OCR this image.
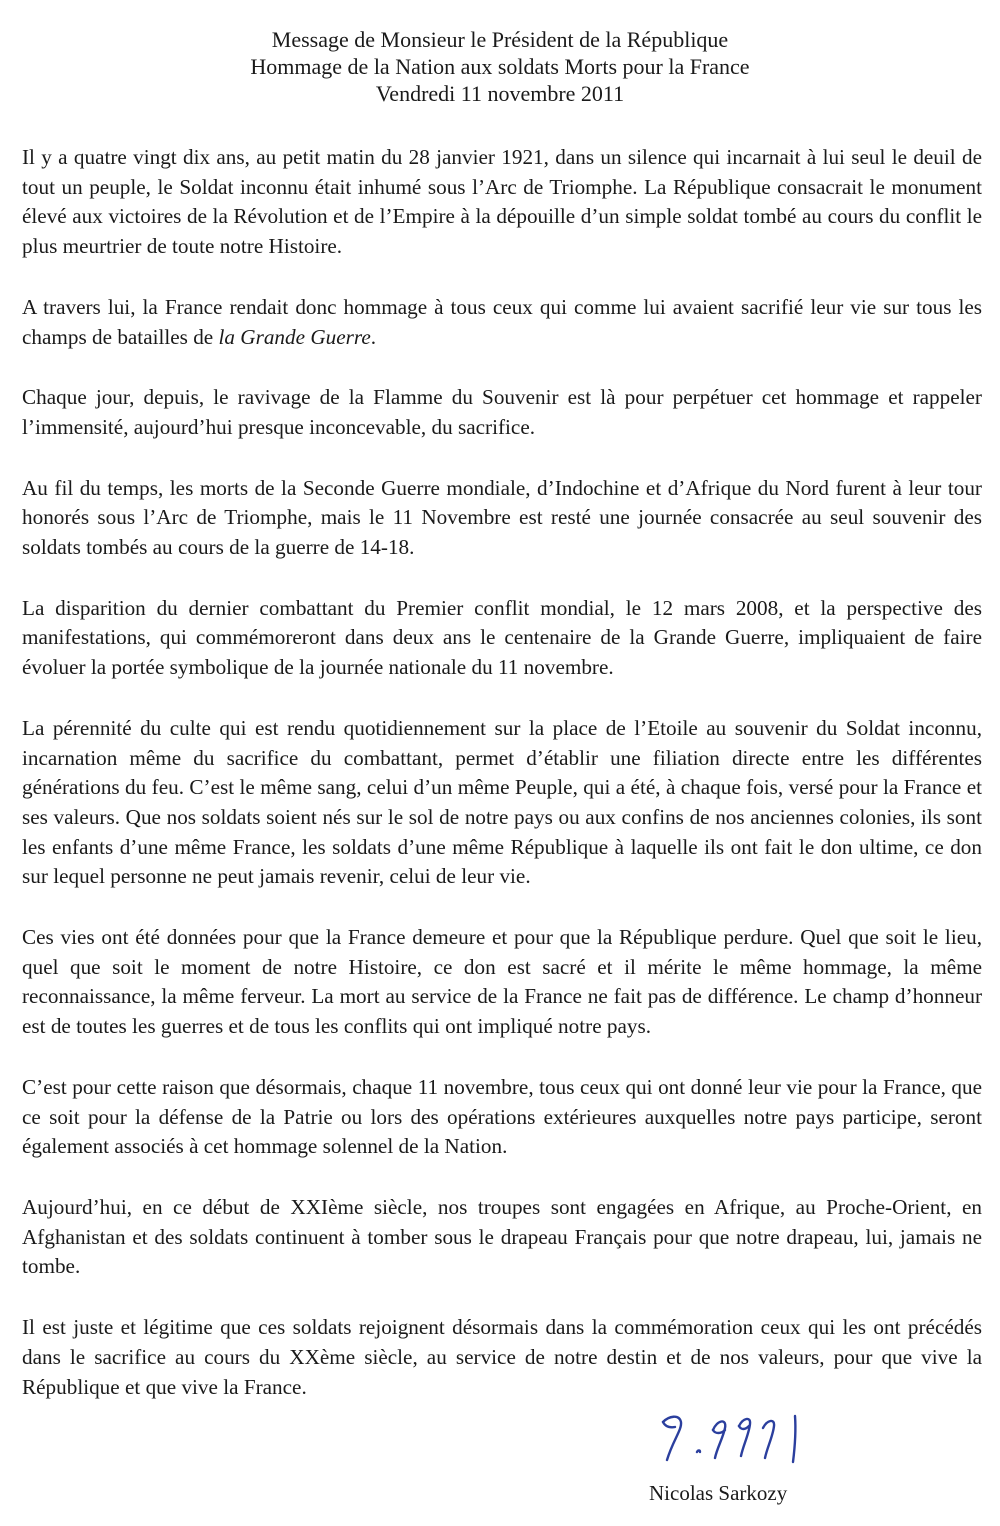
Message de Monsieur le Président de la République
Hommage de la Nation aux soldats Morts pour la France
Vendredi 11 novembre 2011

Il y a quatre vingt dix ans, au petit matin du 28 janvier 1921, dans un silence qui incarnait à lui seul le deuil de tout un peuple, le Soldat inconnu était inhumé sous l’Arc de Triomphe. La République consacrait le monument élevé aux victoires de la Révolution et de l’Empire à la dépouille d’un simple soldat tombé au cours du conflit le plus meurtrier de toute notre Histoire.

A travers lui, la France rendait donc hommage à tous ceux qui comme lui avaient sacrifié leur vie sur tous les champs de batailles de la Grande Guerre.

Chaque jour, depuis, le ravivage de la Flamme du Souvenir est là pour perpétuer cet hommage et rappeler l’immensité, aujourd’hui presque inconcevable, du sacrifice.

Au fil du temps, les morts de la Seconde Guerre mondiale, d’Indochine et d’Afrique du Nord furent à leur tour honorés sous l’Arc de Triomphe, mais le 11 Novembre est resté une journée consacrée au seul souvenir des soldats tombés au cours de la guerre de 14-18.

La disparition du dernier combattant du Premier conflit mondial, le 12 mars 2008, et la perspective des manifestations, qui commémoreront dans deux ans le centenaire de la Grande Guerre, impliquaient de faire évoluer la portée symbolique de la journée nationale du 11 novembre.

La pérennité du culte qui est rendu quotidiennement sur la place de l’Etoile au souvenir du Soldat inconnu, incarnation même du sacrifice du combattant, permet d’établir une filiation directe entre les différentes générations du feu. C’est le même sang, celui d’un même Peuple, qui a été, à chaque fois, versé pour la France et ses valeurs. Que nos soldats soient nés sur le sol de notre pays ou aux confins de nos anciennes colonies, ils sont les enfants d’une même France, les soldats d’une même République à laquelle ils ont fait le don ultime, ce don sur lequel personne ne peut jamais revenir, celui de leur vie.

Ces vies ont été données pour que la France demeure et pour que la République perdure. Quel que soit le lieu, quel que soit le moment de notre Histoire, ce don est sacré et il mérite le même hommage, la même reconnaissance, la même ferveur. La mort au service de la France ne fait pas de différence. Le champ d’honneur est de toutes les guerres et de tous les conflits qui ont impliqué notre pays.

C’est pour cette raison que désormais, chaque 11 novembre, tous ceux qui ont donné leur vie pour la France, que ce soit pour la défense de la Patrie ou lors des opérations extérieures auxquelles notre pays participe, seront également associés à cet hommage solennel de la Nation.

Aujourd’hui, en ce début de XXIème siècle, nos troupes sont engagées en Afrique, au Proche-Orient, en Afghanistan et des soldats continuent à tomber sous le drapeau Français pour que notre drapeau, lui, jamais ne tombe.

Il est juste et légitime que ces soldats rejoignent désormais dans la commémoration ceux qui les ont précédés dans le sacrifice au cours du XXème siècle, au service de notre destin et de nos valeurs, pour que vive la République et que vive la France.

Nicolas Sarkozy
